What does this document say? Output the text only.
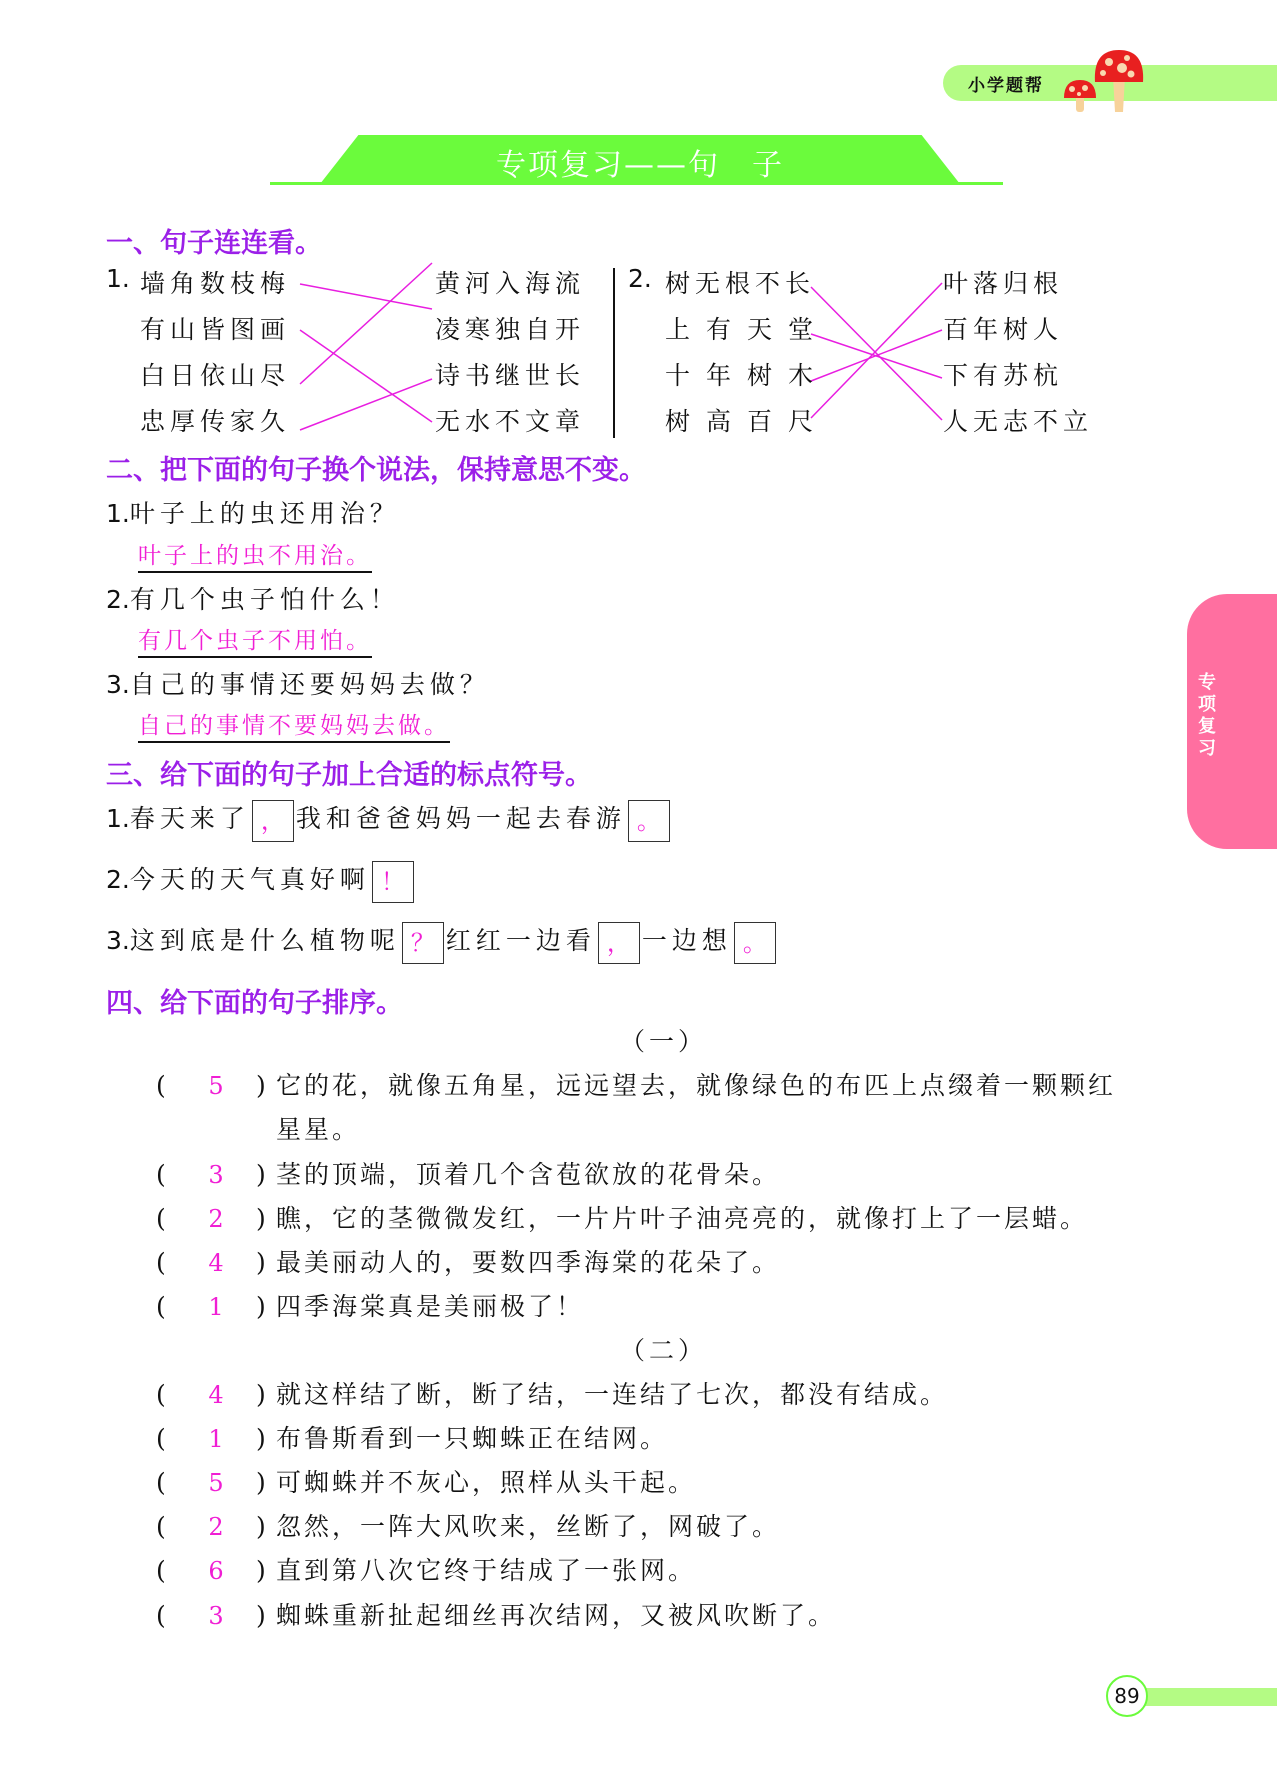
小学题帮
专项复习——句　子
专项复习
一、句子连连看。
1. 墙角数枝梅
有山皆图画
白日依山尽
忠厚传家久
黄河入海流
凌寒独自开
诗书继世长
无水不文章
2. 树无根不长
上有天堂
十年树木
树高百尺
叶落归根
百年树人
下有苏杭
人无志不立
二、把下面的句子换个说法，保持意思不变。
1.叶子上的虫还用治？
叶子上的虫不用治。
2.有几个虫子怕什么！
有几个虫子不用怕。
3.自己的事情还要妈妈去做？
自己的事情不要妈妈去做。
三、给下面的句子加上合适的标点符号。
1.春天来了 ， 我和爸爸妈妈一起去春游 。
2.今天的天气真好啊 ！
3.这到底是什么植物呢 ？ 红红一边看 ， 一边想 。
四、给下面的句子排序。
（一）
( 5 ) 它的花，就像五角星，远远望去，就像绿色的布匹上点缀着一颗颗红
星星。
( 3 ) 茎的顶端，顶着几个含苞欲放的花骨朵。
( 2 ) 瞧，它的茎微微发红，一片片叶子油亮亮的，就像打上了一层蜡。
( 4 ) 最美丽动人的，要数四季海棠的花朵了。
( 1 ) 四季海棠真是美丽极了！
（二）
( 4 ) 就这样结了断，断了结，一连结了七次，都没有结成。
( 1 ) 布鲁斯看到一只蜘蛛正在结网。
( 5 ) 可蜘蛛并不灰心，照样从头干起。
( 2 ) 忽然，一阵大风吹来，丝断了，网破了。
( 6 ) 直到第八次它终于结成了一张网。
( 3 ) 蜘蛛重新扯起细丝再次结网，又被风吹断了。
89
